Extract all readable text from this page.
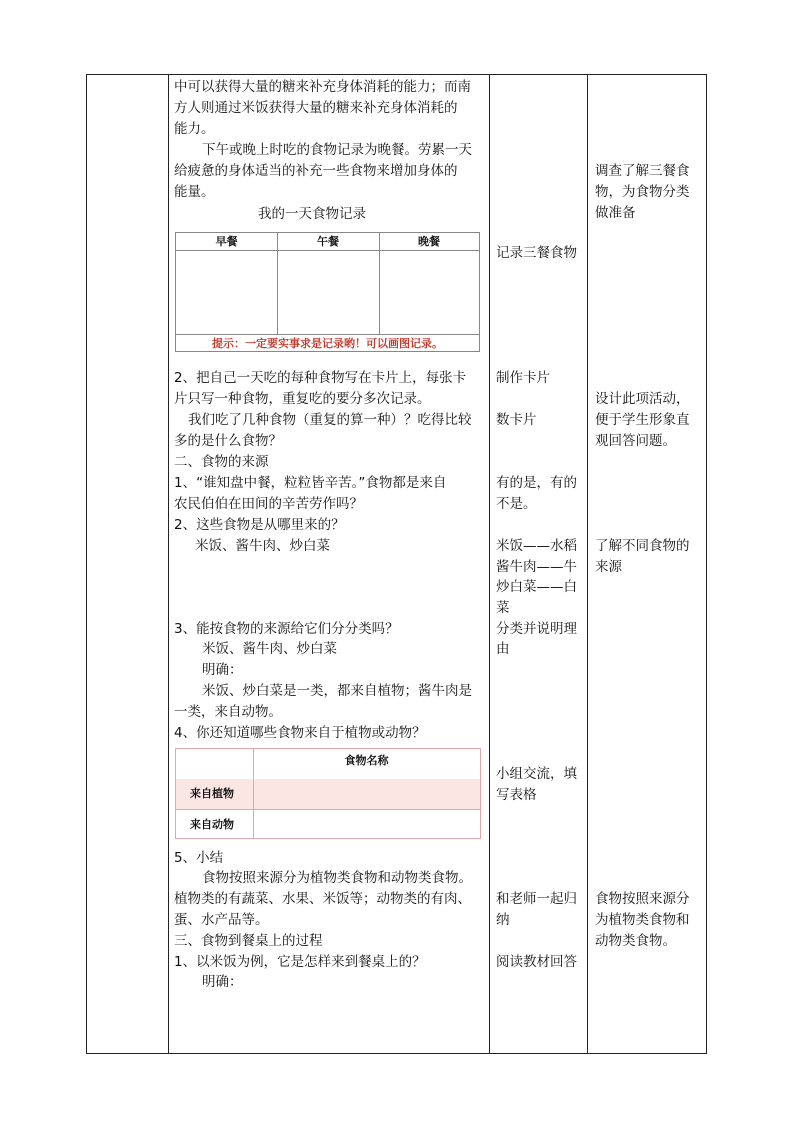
中可以获得大量的糖来补充身体消耗的能力；而南
方人则通过米饭获得大量的糖来补充身体消耗的
能力。
下午或晚上时吃的食物记录为晚餐。劳累一天
给疲惫的身体适当的补充一些食物来增加身体的
能量。
我的一天食物记录
早餐	午餐	晚餐
提示：一定要实事求是记录哟！可以画图记录。
2、把自己一天吃的每种食物写在卡片上，每张卡
片只写一种食物，重复吃的要分多次记录。
我们吃了几种食物（重复的算一种）？吃得比较
多的是什么食物？
二、食物的来源
1、“谁知盘中餐，粒粒皆辛苦。”食物都是来自
农民伯伯在田间的辛苦劳作吗？
2、这些食物是从哪里来的？
米饭、酱牛肉、炒白菜
3、能按食物的来源给它们分分类吗？
米饭、酱牛肉、炒白菜
明确：
米饭、炒白菜是一类，都来自植物；酱牛肉是
一类，来自动物。
4、你还知道哪些食物来自于植物或动物？
食物名称
来自植物
来自动物
5、小结
食物按照来源分为植物类食物和动物类食物。
植物类的有蔬菜、水果、米饭等；动物类的有肉、
蛋、水产品等。
三、食物到餐桌上的过程
1、以米饭为例，它是怎样来到餐桌上的？
明确：
记录三餐食物
制作卡片
数卡片
有的是，有的
不是。
米饭——水稻
酱牛肉——牛
炒白菜——白
菜
分类并说明理
由
小组交流，填
写表格
和老师一起归
纳
阅读教材回答
调查了解三餐食
物，为食物分类
做准备
设计此项活动，
便于学生形象直
观回答问题。
了解不同食物的
来源
食物按照来源分
为植物类食物和
动物类食物。
